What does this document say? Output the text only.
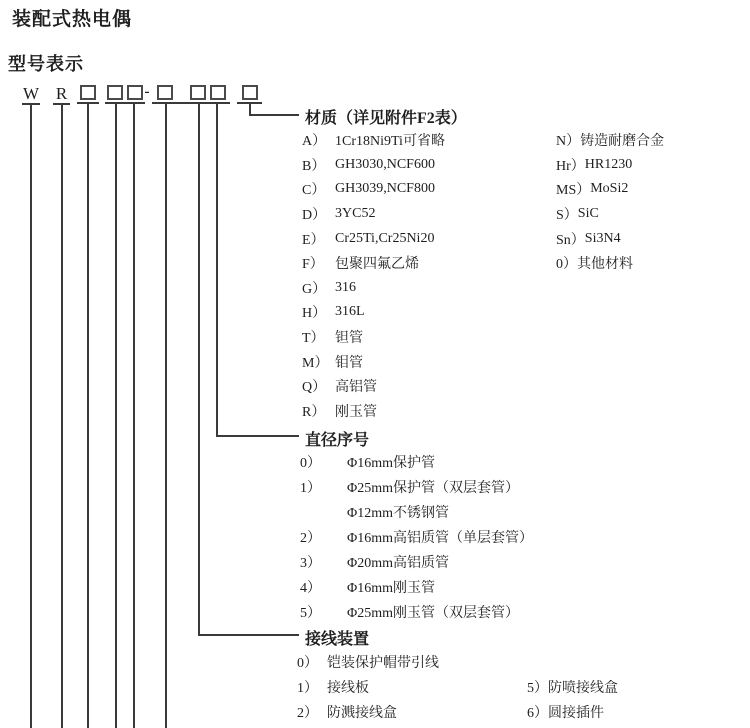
装配式热电偶
型号表示
W R	-
材质（详见附件F2表）
A） 1Cr18Ni9Ti可省略
B） GH3030,NCF600
C） GH3039,NCF800
D） 3YC52
E） Cr25Ti,Cr25Ni20
F） 包聚四氟乙烯
G） 316
H） 316L
T） 钽管
M） 钼管
Q） 高铝管
R） 刚玉管
N） 铸造耐磨合金
Hr） HR1230
MS） MoSi2
S） SiC
Sn） Si3N4
0） 其他材料
直径序号
0）	Φ16mm保护管
1）	Φ25mm保护管（双层套管）
Φ12mm不锈钢管
2）	Φ16mm高铝质管（单层套管）
3）	Φ20mm高铝质管
4）	Φ16mm刚玉管
5）	Φ25mm刚玉管（双层套管）
接线装置
0） 铠装保护帽带引线
1） 接线板
2） 防溅接线盒
5） 防喷接线盒
6） 圆接插件
